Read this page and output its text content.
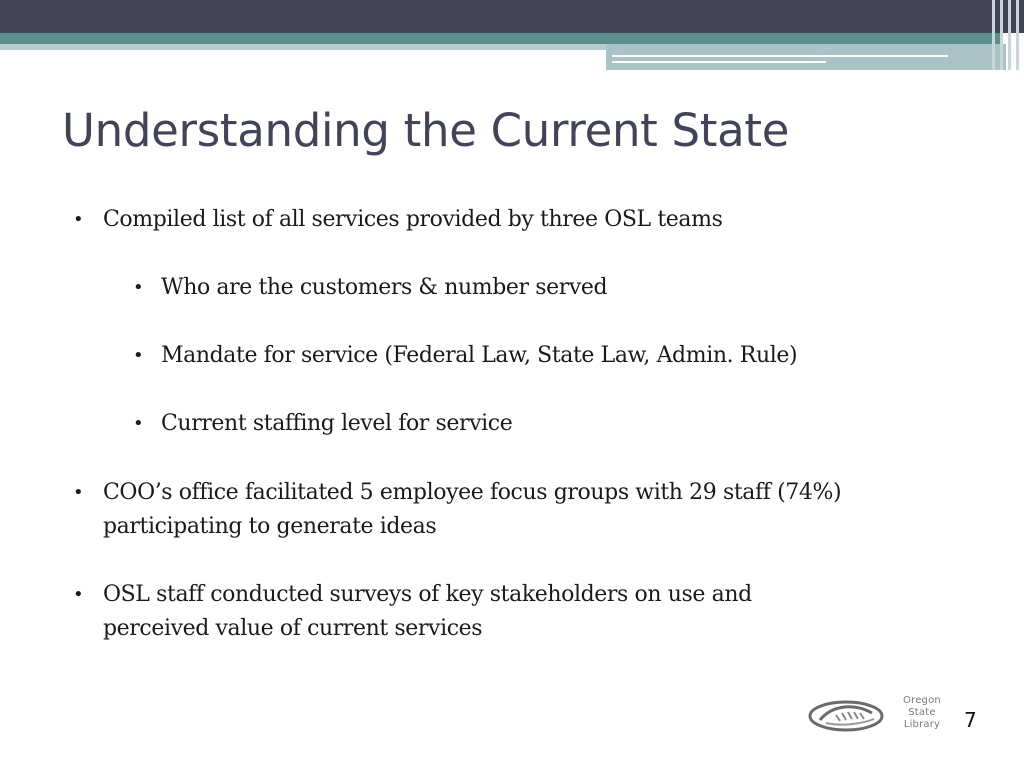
Understanding the Current State
• Compiled list of all services provided by three OSL teams
• Who are the customers & number served
• Mandate for service (Federal Law, State Law, Admin. Rule)
• Current staffing level for service
• COO’s office facilitated 5 employee focus groups with 29 staff (74%)
participating to generate ideas
• OSL staff conducted surveys of key stakeholders on use and
perceived value of current services
Oregon
State
Library 7
